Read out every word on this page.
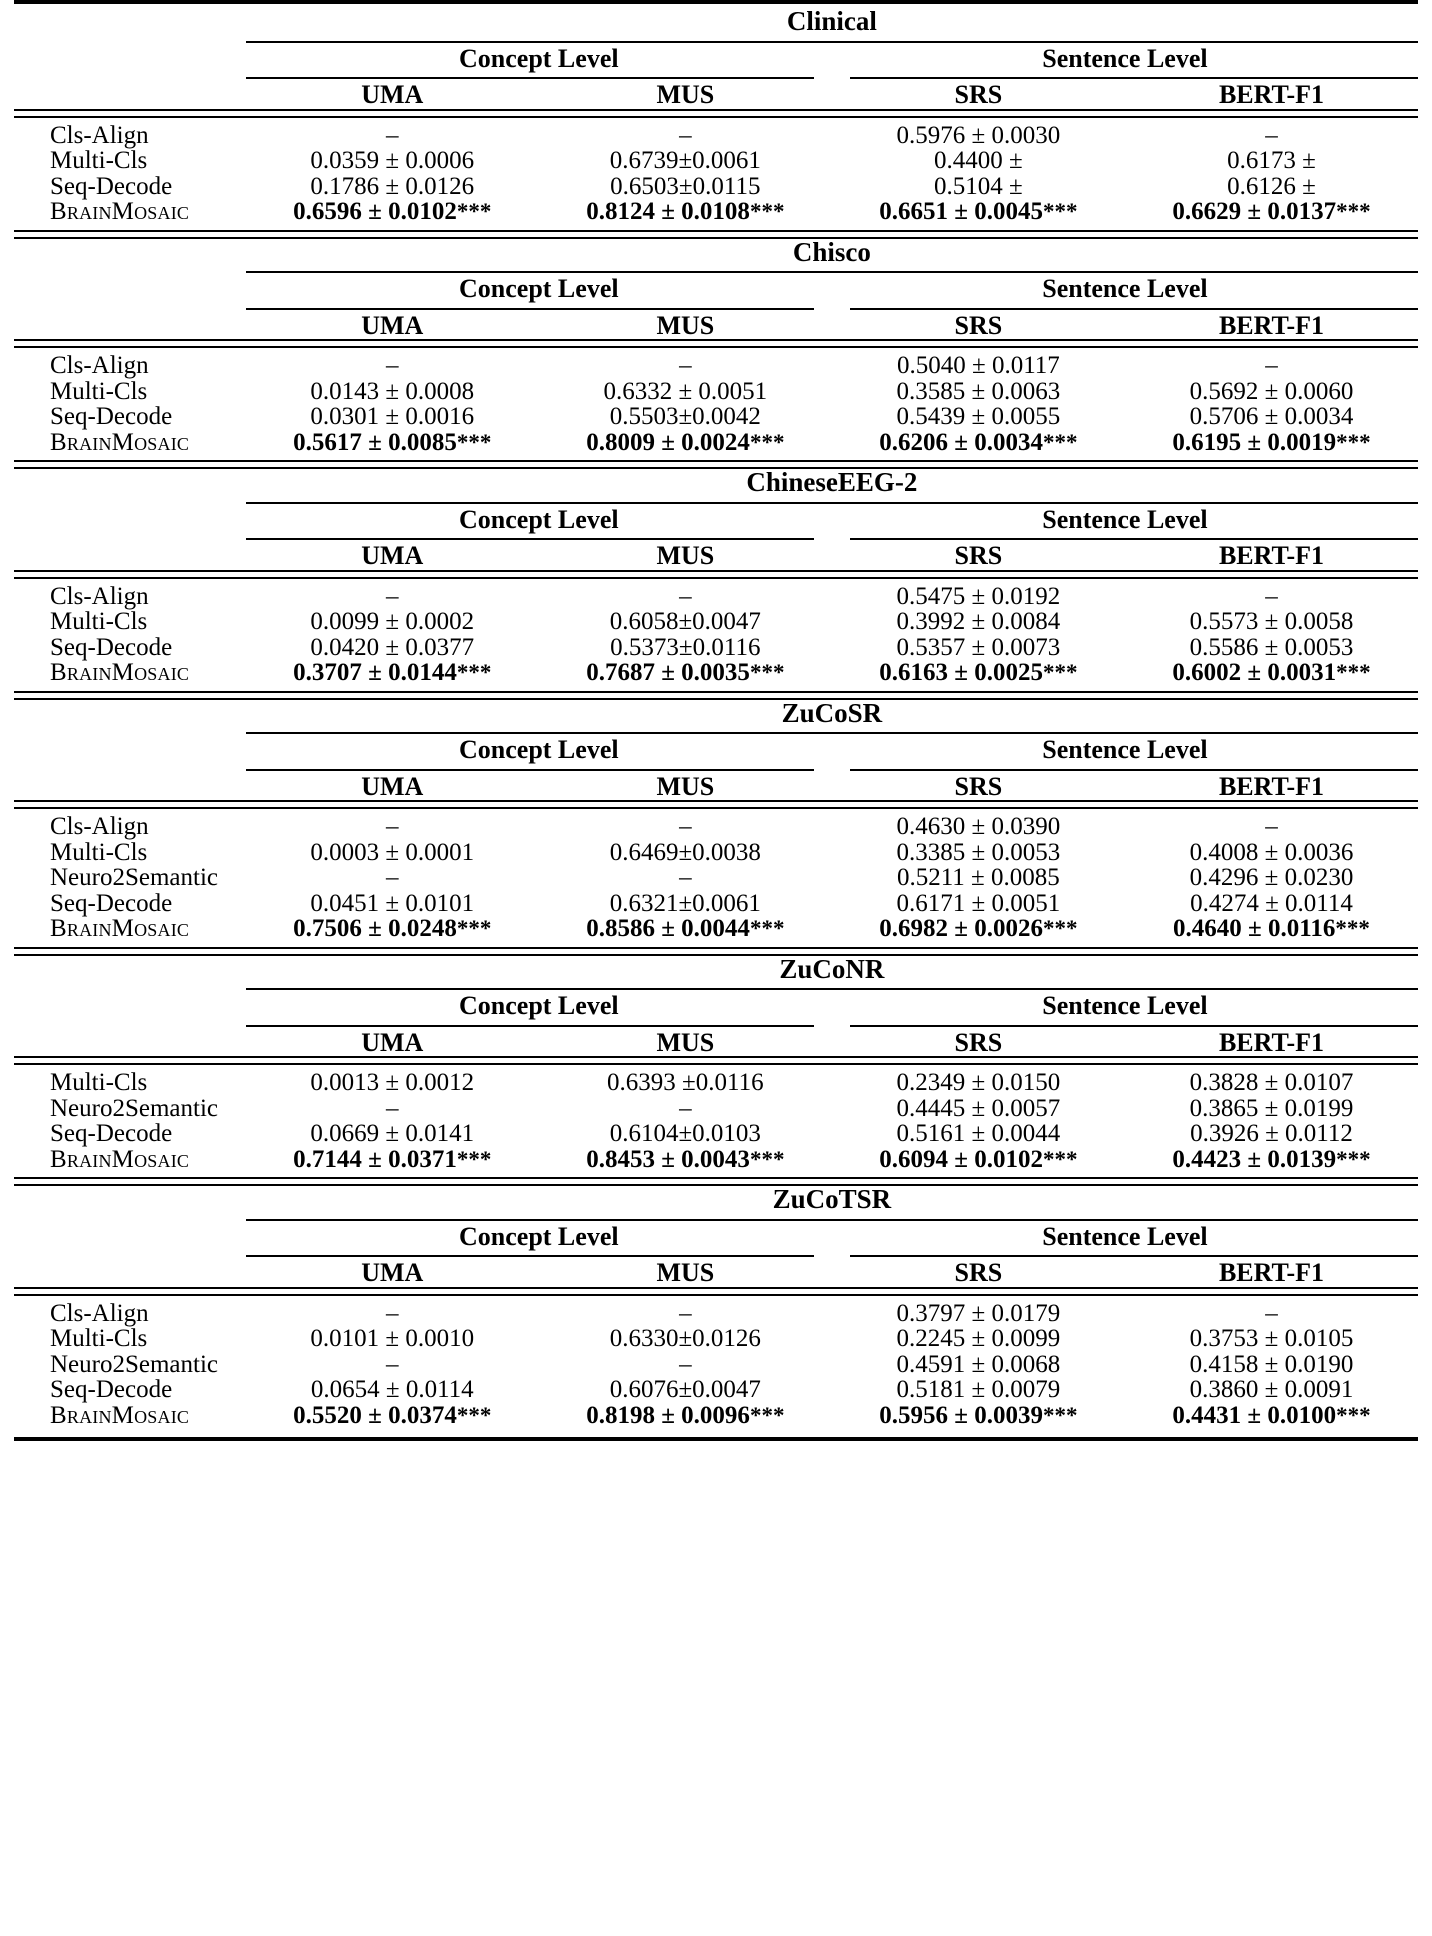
	Clinical			

	Concept Level		Sentence Level	

	UMA	MUS	SRS	BERT-F1

Cls-Align	–	–	0.5976 ± 0.0030	–
Multi-Cls	0.0359 ± 0.0006	0.6739±0.0061	0.4400 ±	0.6173 ±
Seq-Decode	0.1786 ± 0.0126	0.6503±0.0115	0.5104 ±	0.6126 ±
BrainMosaic	0.6596 ± 0.0102***	0.8124 ± 0.0108***	0.6651 ± 0.0045***	0.6629 ± 0.0137***

	Chisco			

	Concept Level		Sentence Level	

	UMA	MUS	SRS	BERT-F1

Cls-Align	–	–	0.5040 ± 0.0117	–
Multi-Cls	0.0143 ± 0.0008	0.6332 ± 0.0051	0.3585 ± 0.0063	0.5692 ± 0.0060
Seq-Decode	0.0301 ± 0.0016	0.5503±0.0042	0.5439 ± 0.0055	0.5706 ± 0.0034
BrainMosaic	0.5617 ± 0.0085***	0.8009 ± 0.0024***	0.6206 ± 0.0034***	0.6195 ± 0.0019***

	ChineseEEG-2			

	Concept Level		Sentence Level	

	UMA	MUS	SRS	BERT-F1

Cls-Align	–	–	0.5475 ± 0.0192	–
Multi-Cls	0.0099 ± 0.0002	0.6058±0.0047	0.3992 ± 0.0084	0.5573 ± 0.0058
Seq-Decode	0.0420 ± 0.0377	0.5373±0.0116	0.5357 ± 0.0073	0.5586 ± 0.0053
BrainMosaic	0.3707 ± 0.0144***	0.7687 ± 0.0035***	0.6163 ± 0.0025***	0.6002 ± 0.0031***

	ZuCoSR			

	Concept Level		Sentence Level	

	UMA	MUS	SRS	BERT-F1

Cls-Align	–	–	0.4630 ± 0.0390	–
Multi-Cls	0.0003 ± 0.0001	0.6469±0.0038	0.3385 ± 0.0053	0.4008 ± 0.0036
Neuro2Semantic	–	–	0.5211 ± 0.0085	0.4296 ± 0.0230
Seq-Decode	0.0451 ± 0.0101	0.6321±0.0061	0.6171 ± 0.0051	0.4274 ± 0.0114
BrainMosaic	0.7506 ± 0.0248***	0.8586 ± 0.0044***	0.6982 ± 0.0026***	0.4640 ± 0.0116***

	ZuCoNR			

	Concept Level		Sentence Level	

	UMA	MUS	SRS	BERT-F1

Multi-Cls	0.0013 ± 0.0012	0.6393 ±0.0116	0.2349 ± 0.0150	0.3828 ± 0.0107
Neuro2Semantic	–	–	0.4445 ± 0.0057	0.3865 ± 0.0199
Seq-Decode	0.0669 ± 0.0141	0.6104±0.0103	0.5161 ± 0.0044	0.3926 ± 0.0112
BrainMosaic	0.7144 ± 0.0371***	0.8453 ± 0.0043***	0.6094 ± 0.0102***	0.4423 ± 0.0139***

	ZuCoTSR			

	Concept Level		Sentence Level	

	UMA	MUS	SRS	BERT-F1

Cls-Align	–	–	0.3797 ± 0.0179	–
Multi-Cls	0.0101 ± 0.0010	0.6330±0.0126	0.2245 ± 0.0099	0.3753 ± 0.0105
Neuro2Semantic	–	–	0.4591 ± 0.0068	0.4158 ± 0.0190
Seq-Decode	0.0654 ± 0.0114	0.6076±0.0047	0.5181 ± 0.0079	0.3860 ± 0.0091
BrainMosaic	0.5520 ± 0.0374***	0.8198 ± 0.0096***	0.5956 ± 0.0039***	0.4431 ± 0.0100***
